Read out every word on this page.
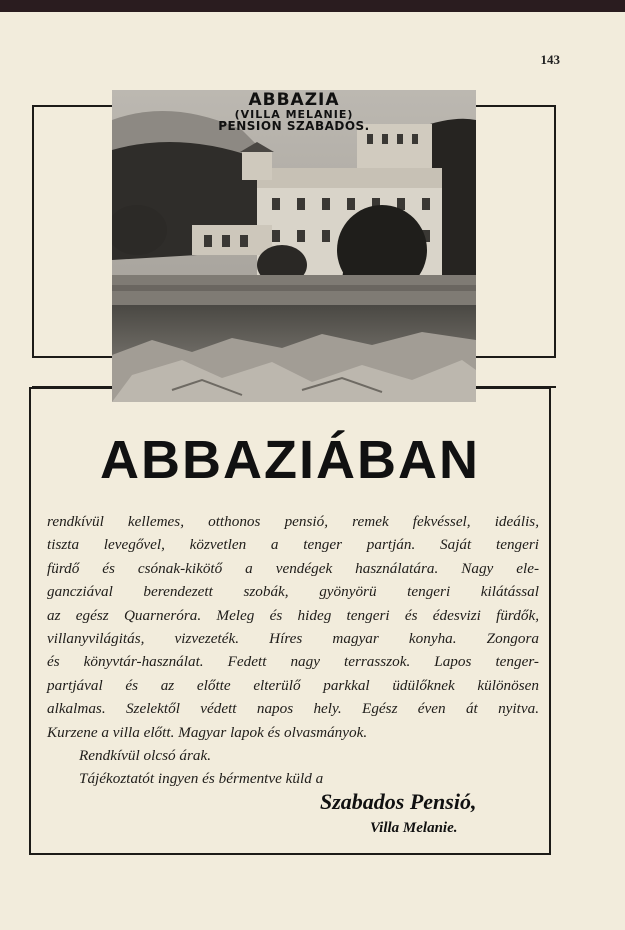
143
ABBAZIA
(VILLA MELANIE)
PENSION SZABADOS.
ABBAZIÁBAN
rendkívül kellemes, otthonos pensió, remek fekvéssel, ideális,
tiszta levegővel, közvetlen a tenger partján. Saját tengeri
fürdő és csónak-kikötő a vendégek használatára. Nagy ele-
gancziával berendezett szobák, gyönyörü tengeri kilátással
az egész Quarneróra. Meleg és hideg tengeri és édesvizi fürdők,
villanyvilágitás, vizvezeték. Híres magyar konyha. Zongora
és könyvtár-használat. Fedett nagy terrasszok. Lapos tenger-
partjával és az előtte elterülő parkkal üdülőknek különösen
alkalmas. Szelektől védett napos hely. Egész éven át nyitva.
Kurzene a villa előtt. Magyar lapok és olvasmányok.
Rendkívül olcsó árak.
Tájékoztatót ingyen és bérmentve küld a
Szabados Pensió,
Villa Melanie.
